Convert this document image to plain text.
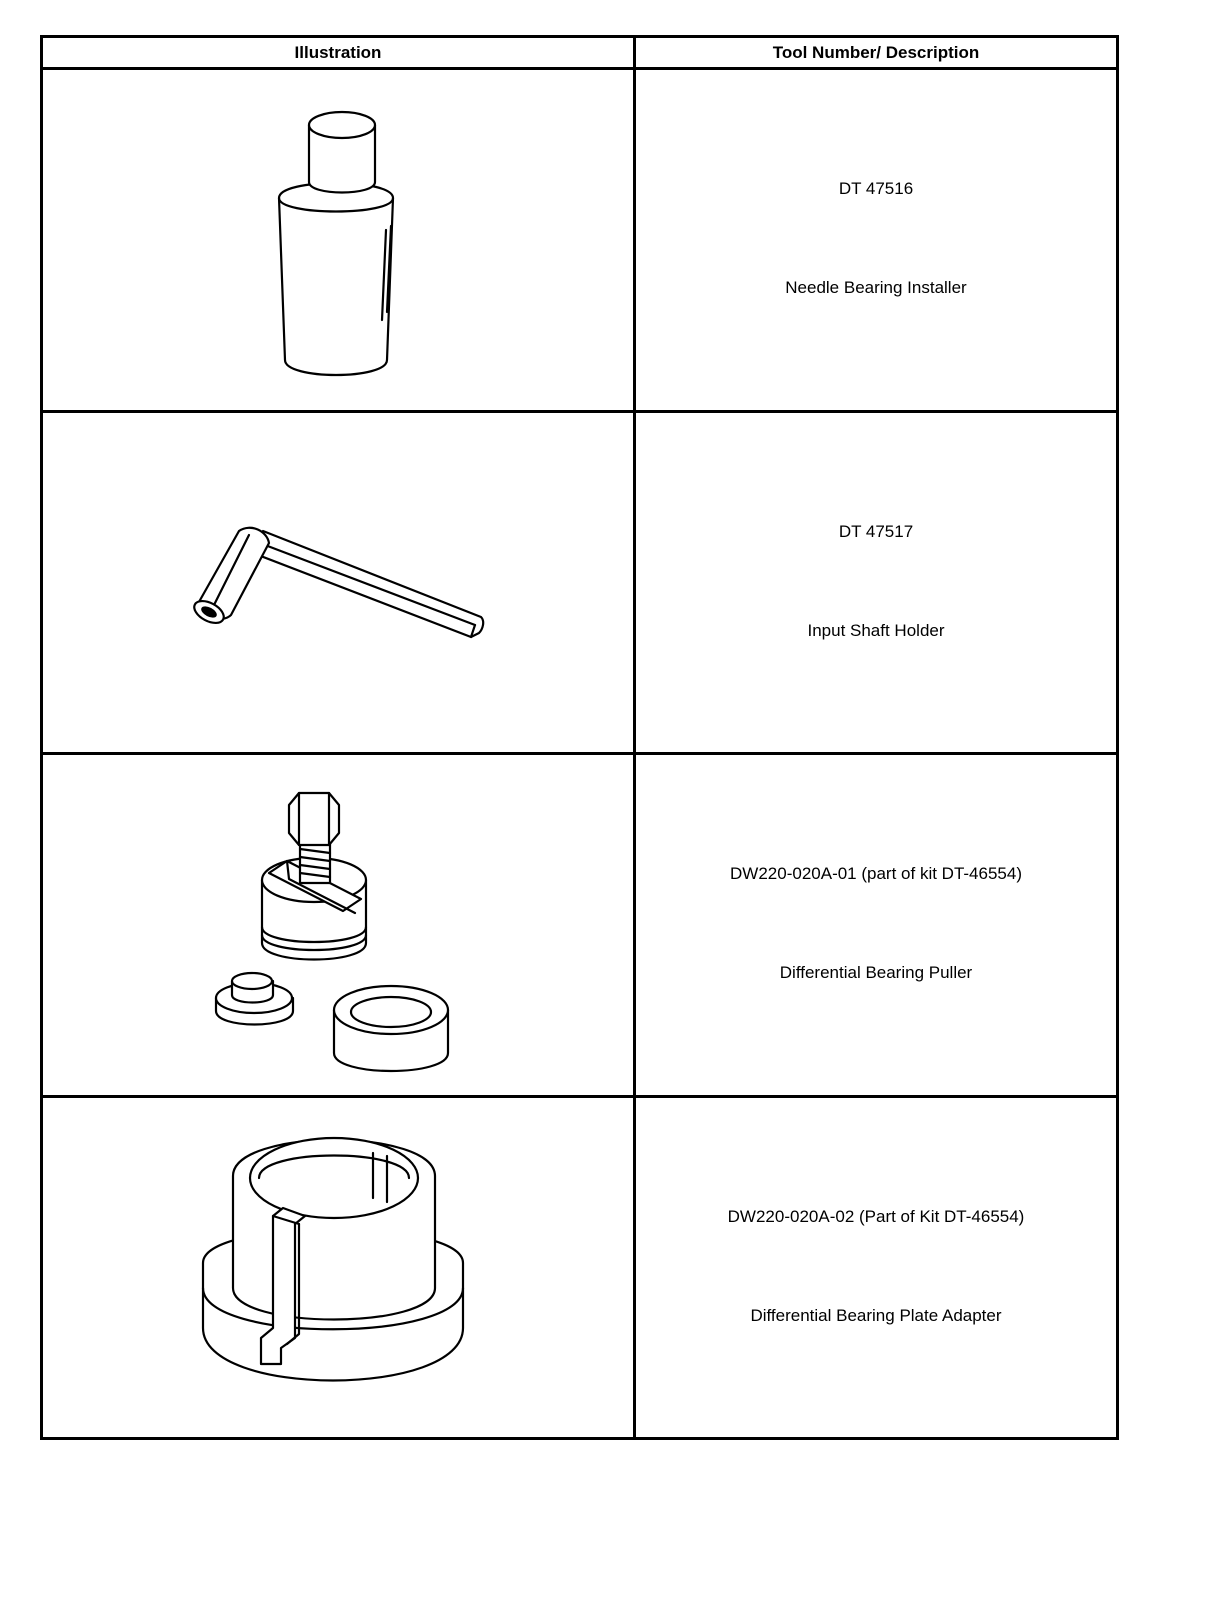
Illustration	Tool Number/ Description

DT 47516
Needle Bearing Installer

DT 47517
Input Shaft Holder

DW220-020A-01 (part of kit DT-46554)
Differential Bearing Puller

DW220-020A-02 (Part of Kit DT-46554)
Differential Bearing Plate Adapter
